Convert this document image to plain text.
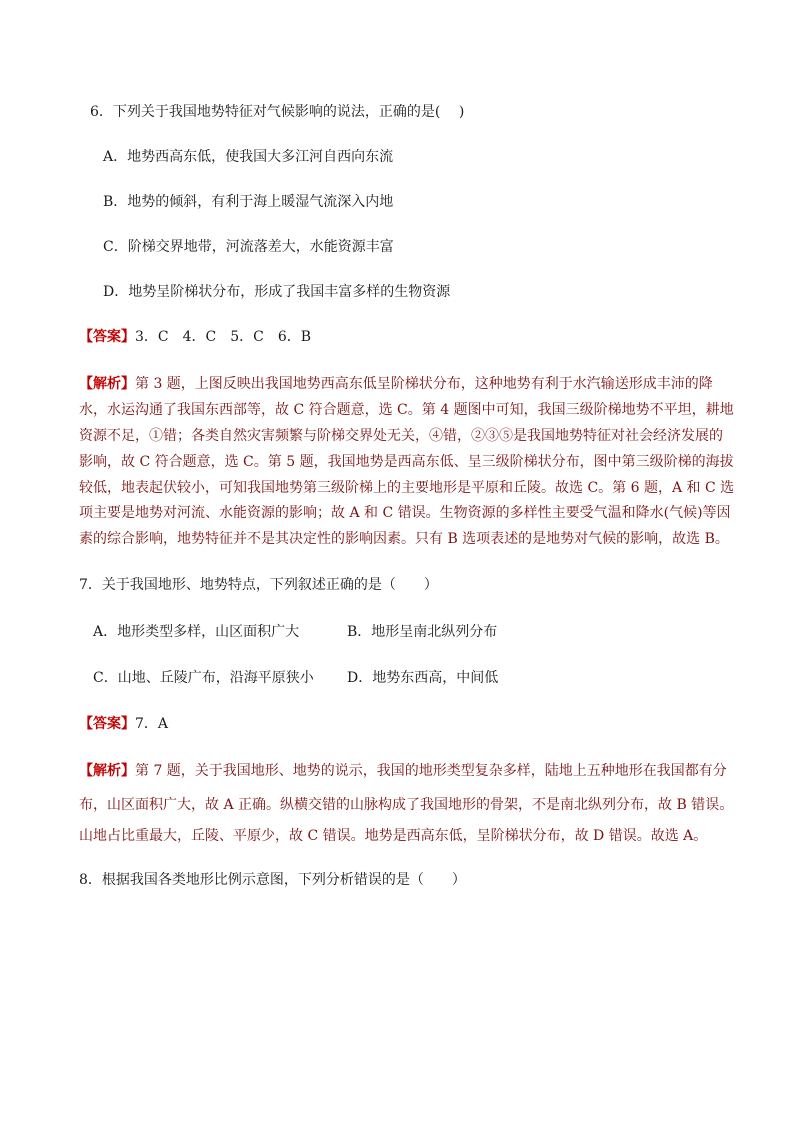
6．下列关于我国地势特征对气候影响的说法，正确的是(　 )
A．地势西高东低，使我国大多江河自西向东流
B．地势的倾斜，有利于海上暖湿气流深入内地
C．阶梯交界地带，河流落差大，水能资源丰富
D．地势呈阶梯状分布，形成了我国丰富多样的生物资源
【答案】3．C　4．C　5．C　6．B
【解析】第 3 题，上图反映出我国地势西高东低呈阶梯状分布，这种地势有利于水汽输送形成丰沛的降
水，水运沟通了我国东西部等，故 C 符合题意，选 C。第 4 题图中可知，我国三级阶梯地势不平坦，耕地
资源不足，①错；各类自然灾害频繁与阶梯交界处无关，④错，②③⑤是我国地势特征对社会经济发展的
影响，故 C 符合题意，选 C。第 5 题，我国地势是西高东低、呈三级阶梯状分布，图中第三级阶梯的海拔
较低，地表起伏较小，可知我国地势第三级阶梯上的主要地形是平原和丘陵。故选 C。第 6 题，A 和 C 选
项主要是地势对河流、水能资源的影响；故 A 和 C 错误。生物资源的多样性主要受气温和降水(气候)等因
素的综合影响，地势特征并不是其决定性的影响因素。只有 B 选项表述的是地势对气候的影响，故选 B。
7．关于我国地形、地势特点，下列叙述正确的是（　　）
A．地形类型多样，山区面积广大	B．地形呈南北纵列分布
C．山地、丘陵广布，沿海平原狭小 D．地势东西高，中间低
【答案】7．A
【解析】第 7 题，关于我国地形、地势的说示，我国的地形类型复杂多样，陆地上五种地形在我国都有分
布，山区面积广大，故 A 正确。纵横交错的山脉构成了我国地形的骨架，不是南北纵列分布，故 B 错误。
山地占比重最大，丘陵、平原少，故 C 错误。地势是西高东低，呈阶梯状分布，故 D 错误。故选 A。
8．根据我国各类地形比例示意图，下列分析错误的是（　　）
